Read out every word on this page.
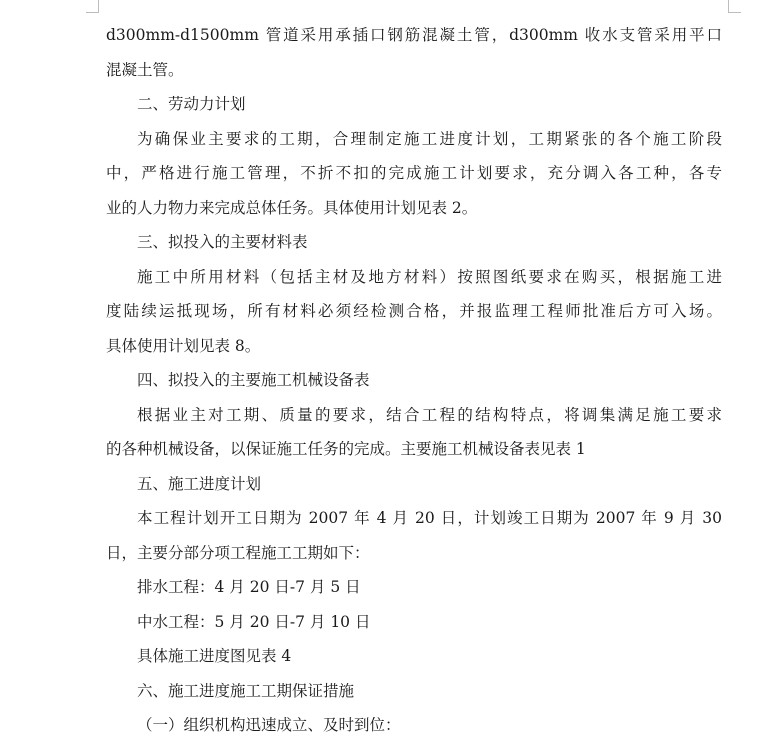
d300mm-d1500mm 管道采用承插口钢筋混凝土管，d300mm 收水支管采用平口
混凝土管。
二、劳动力计划
为确保业主要求的工期，合理制定施工进度计划，工期紧张的各个施工阶段
中，严格进行施工管理，不折不扣的完成施工计划要求，充分调入各工种，各专
业的人力物力来完成总体任务。具体使用计划见表 2。
三、拟投入的主要材料表
施工中所用材料（包括主材及地方材料）按照图纸要求在购买，根据施工进
度陆续运抵现场，所有材料必须经检测合格，并报监理工程师批准后方可入场。
具体使用计划见表 8。
四、拟投入的主要施工机械设备表
根据业主对工期、质量的要求，结合工程的结构特点，将调集满足施工要求
的各种机械设备，以保证施工任务的完成。主要施工机械设备表见表 1
五、施工进度计划
本工程计划开工日期为 2007 年 4 月 20 日，计划竣工日期为 2007 年 9 月 30
日，主要分部分项工程施工工期如下：
排水工程：4 月 20 日-7 月 5 日
中水工程：5 月 20 日-7 月 10 日
具体施工进度图见表 4
六、施工进度施工工期保证措施
（一）组织机构迅速成立、及时到位：
